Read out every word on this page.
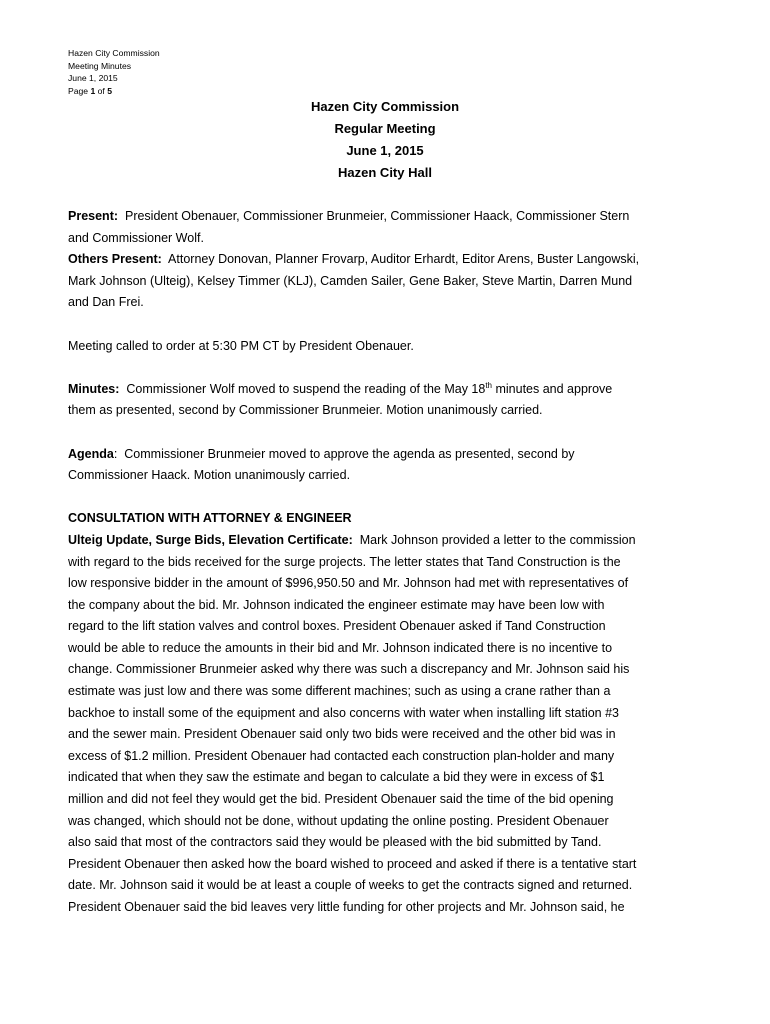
Hazen City Commission
Meeting Minutes
June 1, 2015
Page 1 of 5
Hazen City Commission
Regular Meeting
June 1, 2015
Hazen City Hall
Present: President Obenauer, Commissioner Brunmeier, Commissioner Haack, Commissioner Stern
and Commissioner Wolf.
Others Present: Attorney Donovan, Planner Frovarp, Auditor Erhardt, Editor Arens, Buster Langowski,
Mark Johnson (Ulteig), Kelsey Timmer (KLJ), Camden Sailer, Gene Baker, Steve Martin, Darren Mund
and Dan Frei.
Meeting called to order at 5:30 PM CT by President Obenauer.
Minutes: Commissioner Wolf moved to suspend the reading of the May 18th minutes and approve
them as presented, second by Commissioner Brunmeier. Motion unanimously carried.
Agenda: Commissioner Brunmeier moved to approve the agenda as presented, second by
Commissioner Haack. Motion unanimously carried.
CONSULTATION WITH ATTORNEY & ENGINEER
Ulteig Update, Surge Bids, Elevation Certificate: Mark Johnson provided a letter to the commission
with regard to the bids received for the surge projects. The letter states that Tand Construction is the
low responsive bidder in the amount of $996,950.50 and Mr. Johnson had met with representatives of
the company about the bid. Mr. Johnson indicated the engineer estimate may have been low with
regard to the lift station valves and control boxes. President Obenauer asked if Tand Construction
would be able to reduce the amounts in their bid and Mr. Johnson indicated there is no incentive to
change. Commissioner Brunmeier asked why there was such a discrepancy and Mr. Johnson said his
estimate was just low and there was some different machines; such as using a crane rather than a
backhoe to install some of the equipment and also concerns with water when installing lift station #3
and the sewer main. President Obenauer said only two bids were received and the other bid was in
excess of $1.2 million. President Obenauer had contacted each construction plan-holder and many
indicated that when they saw the estimate and began to calculate a bid they were in excess of $1
million and did not feel they would get the bid. President Obenauer said the time of the bid opening
was changed, which should not be done, without updating the online posting. President Obenauer
also said that most of the contractors said they would be pleased with the bid submitted by Tand.
President Obenauer then asked how the board wished to proceed and asked if there is a tentative start
date. Mr. Johnson said it would be at least a couple of weeks to get the contracts signed and returned.
President Obenauer said the bid leaves very little funding for other projects and Mr. Johnson said, he
